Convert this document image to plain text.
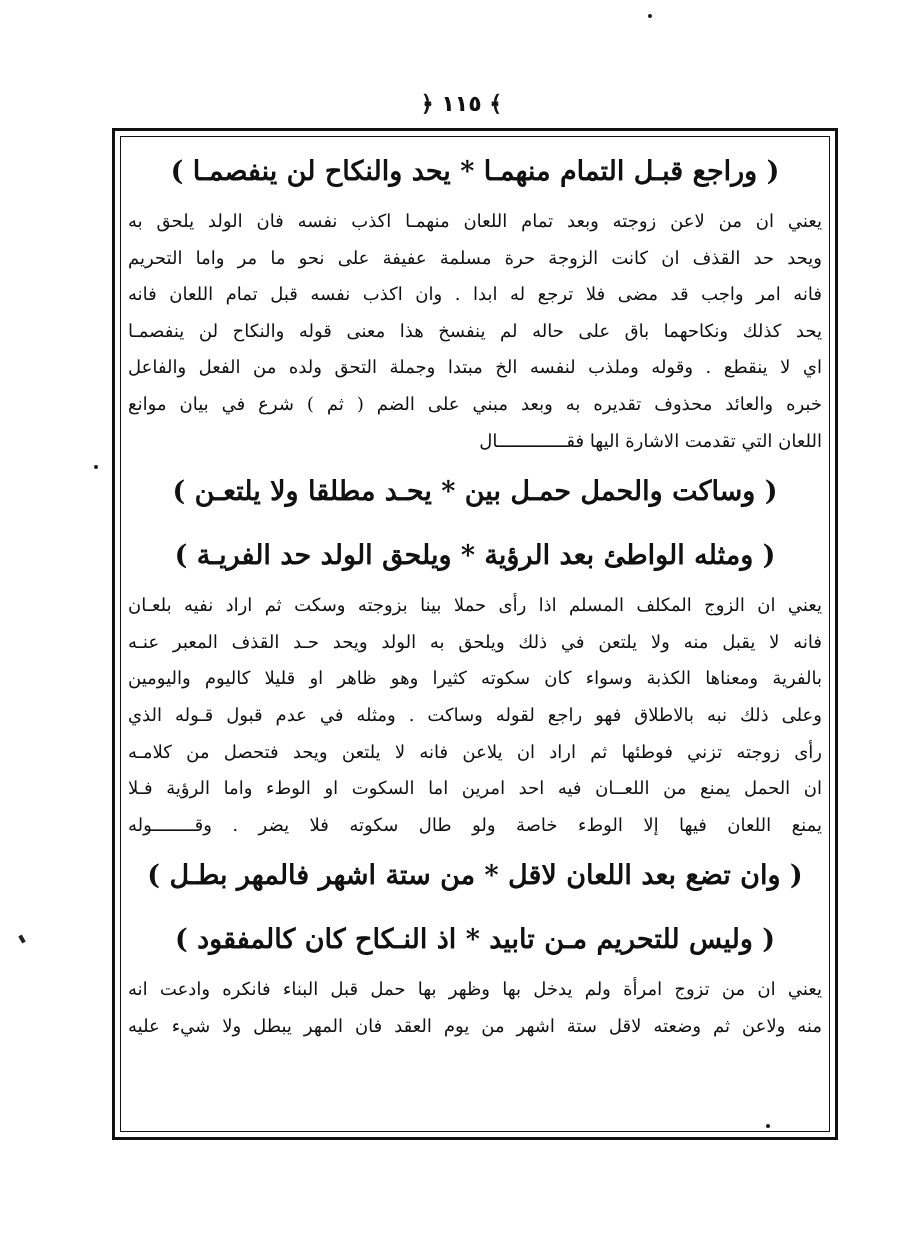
﴿ ١١٥ ﴾
( وراجع قبـل التمام منهمـا * يحد والنكاح لن ينفصمـا )
يعني ان من لاعن زوجته وبعد تمام اللعان منهمـا اكذب نفسه فان الولد يلحق به
ويحد حد القذف ان كانت الزوجة حرة مسلمة عفيفة على نحو ما مر واما التحريم
فانه امر واجب قد مضى فلا ترجع له ابدا . وان اكذب نفسه قبل تمام اللعان فانه
يحد كذلك ونكاحهما باق على حاله لم ينفسخ هذا معنى قوله والنكاح لن ينفصمـا
اي لا ينقطع . وقوله وملذب لنفسه الخ مبتدا وجملة التحق ولده من الفعل والفاعل
خبره والعائد محذوف تقديره به وبعد مبني على الضم ( ثم ) شرع في بيان موانع
اللعان التي تقدمت الاشارة اليها فقـــــــــــــال
( وساكت والحمل حمـل بين * يحـد مطلقا ولا يلتعـن )
( ومثله الواطئ بعد الرؤية * ويلحق الولد حد الفريـة )
يعني ان الزوج المكلف المسلم اذا رأى حملا بينا بزوجته وسكت ثم اراد نفيه بلعـان
فانه لا يقبل منه ولا يلتعن في ذلك ويلحق به الولد ويحد حـد القذف المعبر عنـه
بالفرية ومعناها الكذبة وسواء كان سكوته كثيرا وهو ظاهر او قليلا كاليوم واليومين
وعلى ذلك نبه بالاطلاق فهو راجع لقوله وساكت . ومثله في عدم قبول قـوله الذي
رأى زوجته تزني فوطئها ثم اراد ان يلاعن فانه لا يلتعن ويحد فتحصل من كلامـه
ان الحمل يمنع من اللعــان فيه احد امرين اما السكوت او الوطء واما الرؤية فـلا
يمنع اللعان فيها إلا الوطء خاصة ولو طال سكوته فلا يضر . وقــــــــوله
( وان تضع بعد اللعان لاقل * من ستة اشهر فالمهر بطـل )
( وليس للتحريم مـن تابيد * اذ النـكاح كان كالمفقود )
يعني ان من تزوج امرأة ولم يدخل بها وظهر بها حمل قبل البناء فانكره وادعت انه
منه ولاعن ثم وضعته لاقل ستة اشهر من يوم العقد فان المهر يبطل ولا شيء عليه
